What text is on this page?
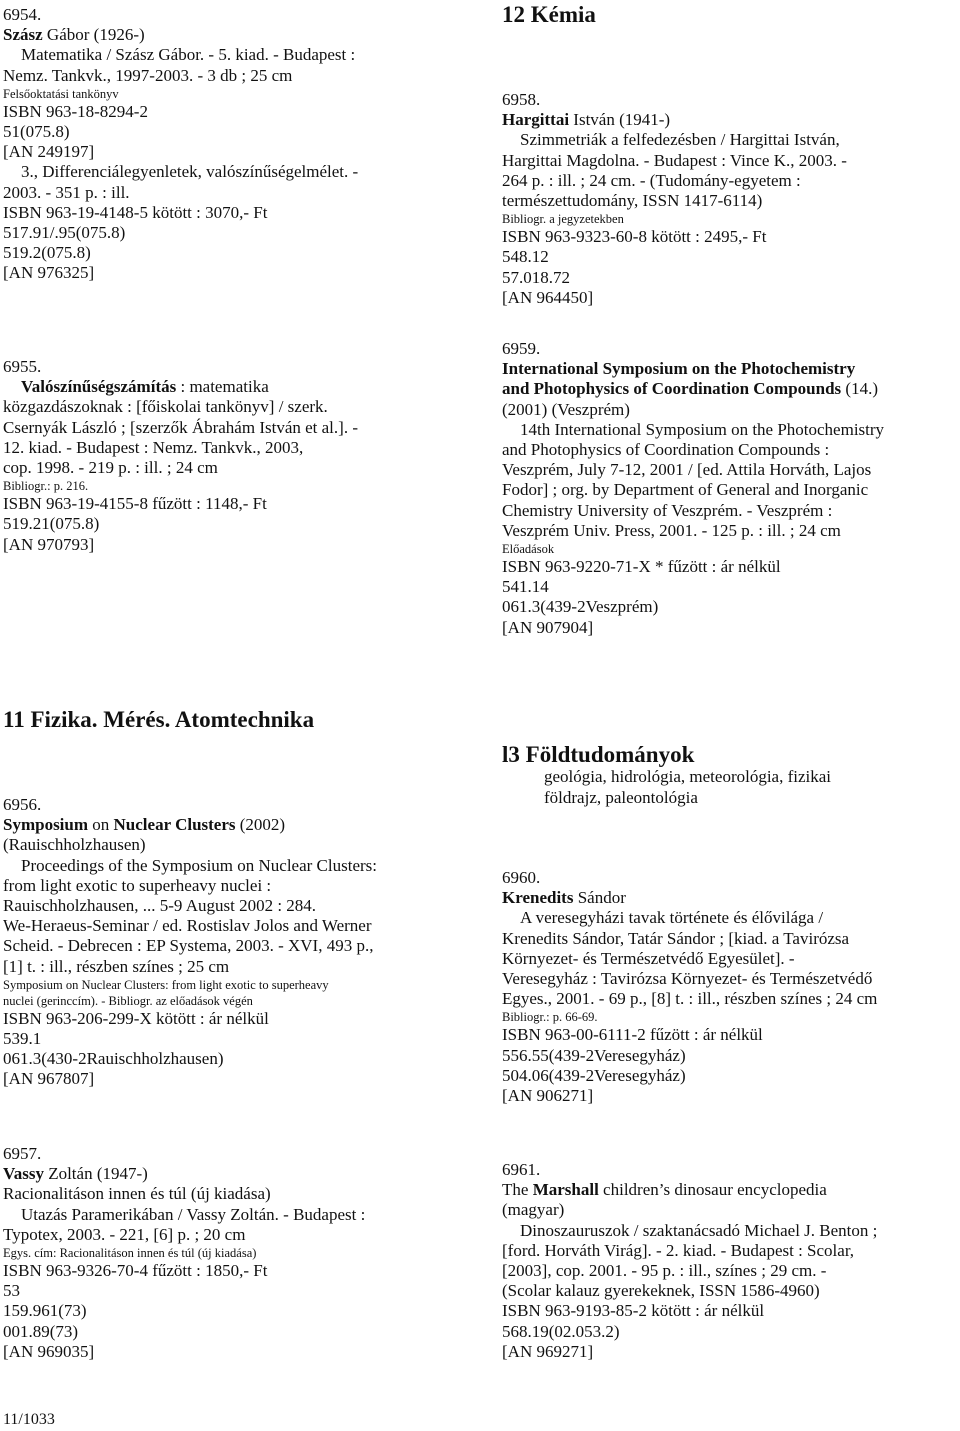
6954.
Szász Gábor (1926-)
Matematika / Szász Gábor. - 5. kiad. - Budapest :
Nemz. Tankvk., 1997-2003. - 3 db ; 25 cm
Felsőoktatási tankönyv
ISBN 963-18-8294-2
51(075.8)
[AN 249197]
3., Differenciálegyenletek, valószínűségelmélet. -
2003. - 351 p. : ill.
ISBN 963-19-4148-5 kötött : 3070,- Ft
517.91/.95(075.8)
519.2(075.8)
[AN 976325]
6955.
Valószínűségszámítás : matematika
közgazdászoknak : [főiskolai tankönyv] / szerk.
Csernyák László ; [szerzők Ábrahám István et al.]. -
12. kiad. - Budapest : Nemz. Tankvk., 2003,
cop. 1998. - 219 p. : ill. ; 24 cm
Bibliogr.: p. 216.
ISBN 963-19-4155-8 fűzött : 1148,- Ft
519.21(075.8)
[AN 970793]
11 Fizika. Mérés. Atomtechnika
6956.
Symposium on Nuclear Clusters (2002)
(Rauischholzhausen)
Proceedings of the Symposium on Nuclear Clusters:
from light exotic to superheavy nuclei :
Rauischholzhausen, ... 5-9 August 2002 : 284.
We-Heraeus-Seminar / ed. Rostislav Jolos and Werner
Scheid. - Debrecen : EP Systema, 2003. - XVI, 493 p.,
[1] t. : ill., részben színes ; 25 cm
Symposium on Nuclear Clusters: from light exotic to superheavy
nuclei (gerinccím). - Bibliogr. az előadások végén
ISBN 963-206-299-X kötött : ár nélkül
539.1
061.3(430-2Rauischholzhausen)
[AN 967807]
6957.
Vassy Zoltán (1947-)
Racionalitáson innen és túl (új kiadása)
Utazás Paramerikában / Vassy Zoltán. - Budapest :
Typotex, 2003. - 221, [6] p. ; 20 cm
Egys. cím: Racionalitáson innen és túl (új kiadása)
ISBN 963-9326-70-4 fűzött : 1850,- Ft
53
159.961(73)
001.89(73)
[AN 969035]
11/1033
12 Kémia
6958.
Hargittai István (1941-)
Szimmetriák a felfedezésben / Hargittai István,
Hargittai Magdolna. - Budapest : Vince K., 2003. -
264 p. : ill. ; 24 cm. - (Tudomány-egyetem :
természettudomány, ISSN 1417-6114)
Bibliogr. a jegyzetekben
ISBN 963-9323-60-8 kötött : 2495,- Ft
548.12
57.018.72
[AN 964450]
6959.
International Symposium on the Photochemistry
and Photophysics of Coordination Compounds (14.)
(2001) (Veszprém)
14th International Symposium on the Photochemistry
and Photophysics of Coordination Compounds :
Veszprém, July 7-12, 2001 / [ed. Attila Horváth, Lajos
Fodor] ; org. by Department of General and Inorganic
Chemistry University of Veszprém. - Veszprém :
Veszprém Univ. Press, 2001. - 125 p. : ill. ; 24 cm
Előadások
ISBN 963-9220-71-X * fűzött : ár nélkül
541.14
061.3(439-2Veszprém)
[AN 907904]
l3 Földtudományok
geológia, hidrológia, meteorológia, fizikai
földrajz, paleontológia
6960.
Krenedits Sándor
A veresegyházi tavak története és élővilága /
Krenedits Sándor, Tatár Sándor ; [kiad. a Tavirózsa
Környezet- és Természetvédő Egyesület]. -
Veresegyház : Tavirózsa Környezet- és Természetvédő
Egyes., 2001. - 69 p., [8] t. : ill., részben színes ; 24 cm
Bibliogr.: p. 66-69.
ISBN 963-00-6111-2 fűzött : ár nélkül
556.55(439-2Veresegyház)
504.06(439-2Veresegyház)
[AN 906271]
6961.
The Marshall children’s dinosaur encyclopedia
(magyar)
Dinoszauruszok / szaktanácsadó Michael J. Benton ;
[ford. Horváth Virág]. - 2. kiad. - Budapest : Scolar,
[2003], cop. 2001. - 95 p. : ill., színes ; 29 cm. -
(Scolar kalauz gyerekeknek, ISSN 1586-4960)
ISBN 963-9193-85-2 kötött : ár nélkül
568.19(02.053.2)
[AN 969271]
